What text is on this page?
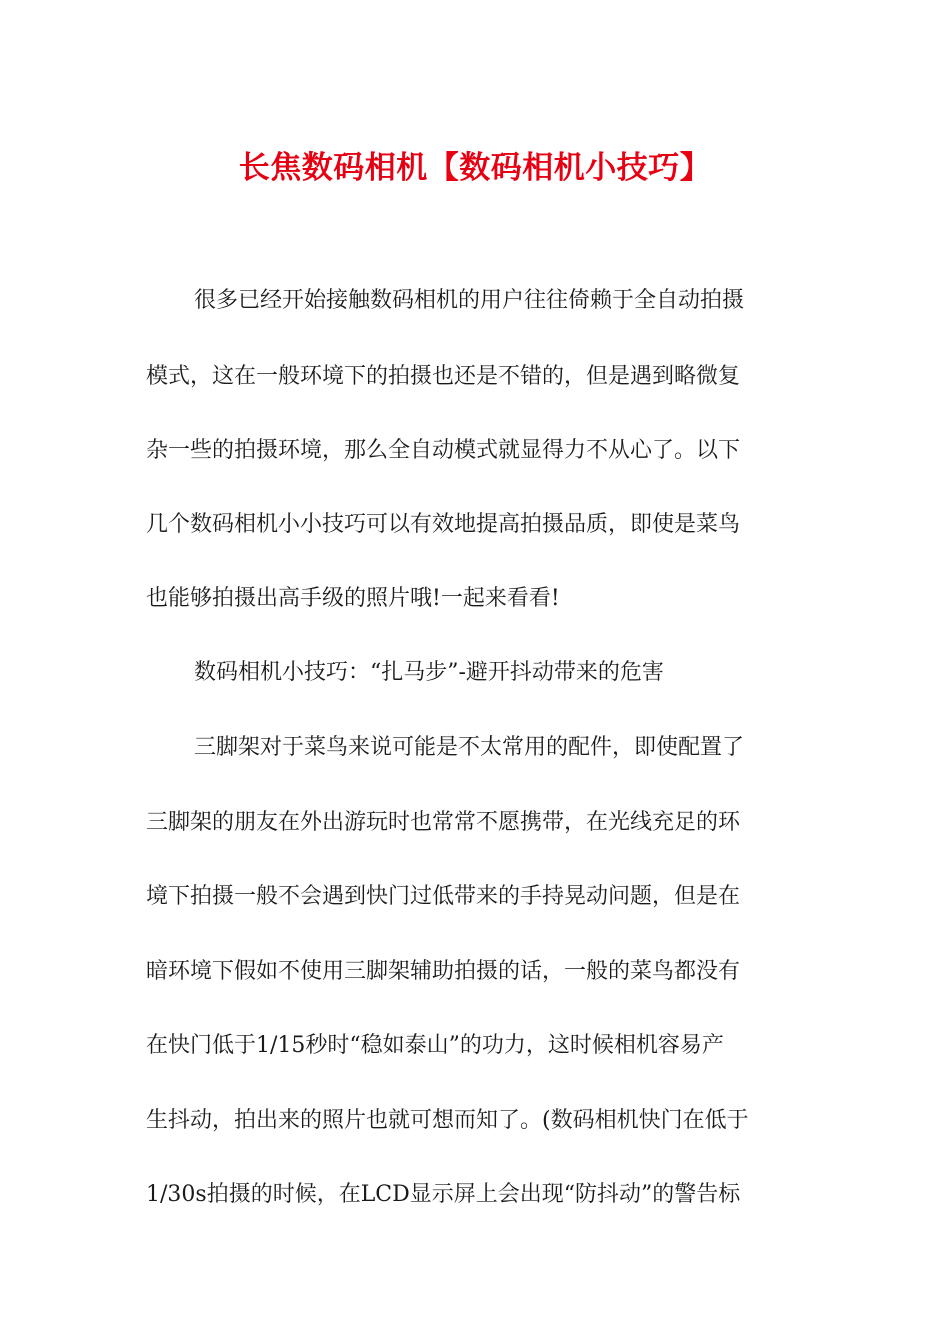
长焦数码相机【数码相机小技巧】
很多已经开始接触数码相机的用户往往倚赖于全自动拍摄
模式，这在一般环境下的拍摄也还是不错的，但是遇到略微复
杂一些的拍摄环境，那么全自动模式就显得力不从心了。以下
几个数码相机小小技巧可以有效地提高拍摄品质，即使是菜鸟
也能够拍摄出高手级的照片哦!一起来看看!
数码相机小技巧：“扎马步”-避开抖动带来的危害
三脚架对于菜鸟来说可能是不太常用的配件，即使配置了
三脚架的朋友在外出游玩时也常常不愿携带，在光线充足的环
境下拍摄一般不会遇到快门过低带来的手持晃动问题，但是在
暗环境下假如不使用三脚架辅助拍摄的话，一般的菜鸟都没有
在快门低于1/15秒时“稳如泰山”的功力，这时候相机容易产
生抖动，拍出来的照片也就可想而知了。(数码相机快门在低于
1/30s拍摄的时候，在LCD显示屏上会出现“防抖动”的警告标
